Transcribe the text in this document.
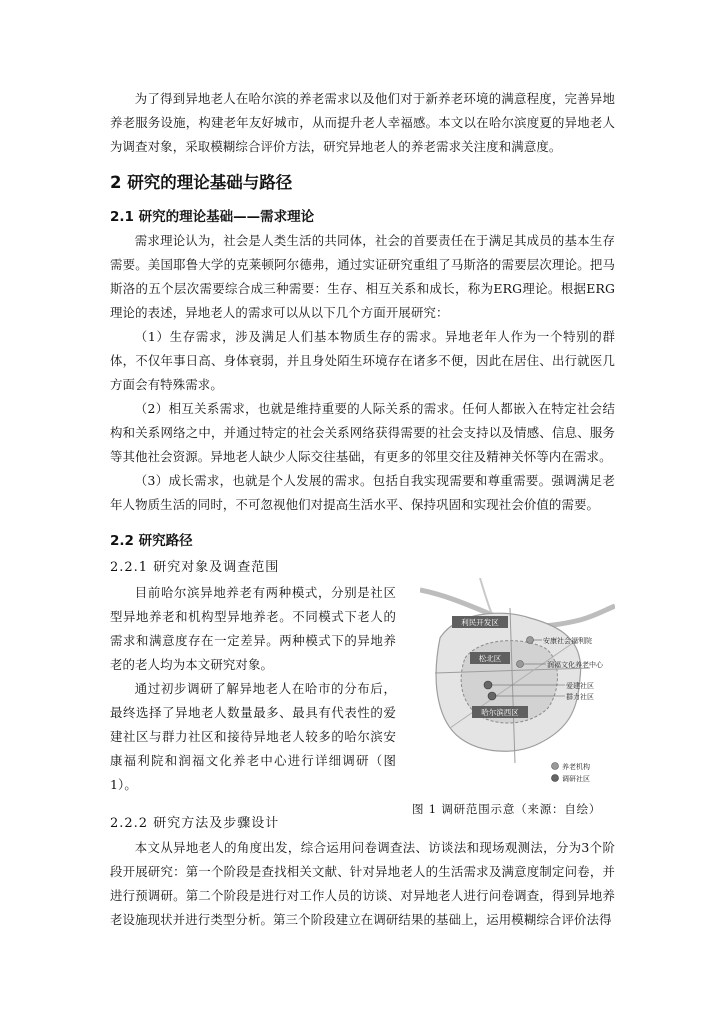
为了得到异地老人在哈尔滨的养老需求以及他们对于新养老环境的满意程度，完善异地养老服务设施，构建老年友好城市，从而提升老人幸福感。本文以在哈尔滨度夏的异地老人为调查对象，采取模糊综合评价方法，研究异地老人的养老需求关注度和满意度。

2 研究的理论基础与路径
2.1 研究的理论基础——需求理论

需求理论认为，社会是人类生活的共同体，社会的首要责任在于满足其成员的基本生存需要。美国耶鲁大学的克莱顿阿尔德弗，通过实证研究重组了马斯洛的需要层次理论。把马斯洛的五个层次需要综合成三种需要：生存、相互关系和成长，称为ERG理论。根据ERG理论的表述，异地老人的需求可以从以下几个方面开展研究：

（1）生存需求，涉及满足人们基本物质生存的需求。异地老年人作为一个特别的群体，不仅年事日高、身体衰弱，并且身处陌生环境存在诸多不便，因此在居住、出行就医几方面会有特殊需求。

（2）相互关系需求，也就是维持重要的人际关系的需求。任何人都嵌入在特定社会结构和关系网络之中，并通过特定的社会关系网络获得需要的社会支持以及情感、信息、服务等其他社会资源。异地老人缺少人际交往基础，有更多的邻里交往及精神关怀等内在需求。

（3）成长需求，也就是个人发展的需求。包括自我实现需要和尊重需要。强调满足老年人物质生活的同时，不可忽视他们对提高生活水平、保持巩固和实现社会价值的需要。

2.2 研究路径
2.2.1 研究对象及调查范围

目前哈尔滨异地养老有两种模式，分别是社区型异地养老和机构型异地养老。不同模式下老人的需求和满意度存在一定差异。两种模式下的异地养老的老人均为本文研究对象。

通过初步调研了解异地老人在哈市的分布后，最终选择了异地老人数量最多、最具有代表性的爱建社区与群力社区和接待异地老人较多的哈尔滨安康福利院和润福文化养老中心进行详细调研（图1）。

利民开发区
松北区
哈尔滨西区
安康社会福利院
润福文化养老中心
爱建社区
群力社区
养老机构
调研社区

图 1 调研范围示意（来源：自绘）

2.2.2 研究方法及步骤设计

本文从异地老人的角度出发，综合运用问卷调查法、访谈法和现场观测法，分为3个阶段开展研究：第一个阶段是查找相关文献、针对异地老人的生活需求及满意度制定问卷，并进行预调研。第二个阶段是进行对工作人员的访谈、对异地老人进行问卷调查，得到异地养老设施现状并进行类型分析。第三个阶段建立在调研结果的基础上，运用模糊综合评价法得
